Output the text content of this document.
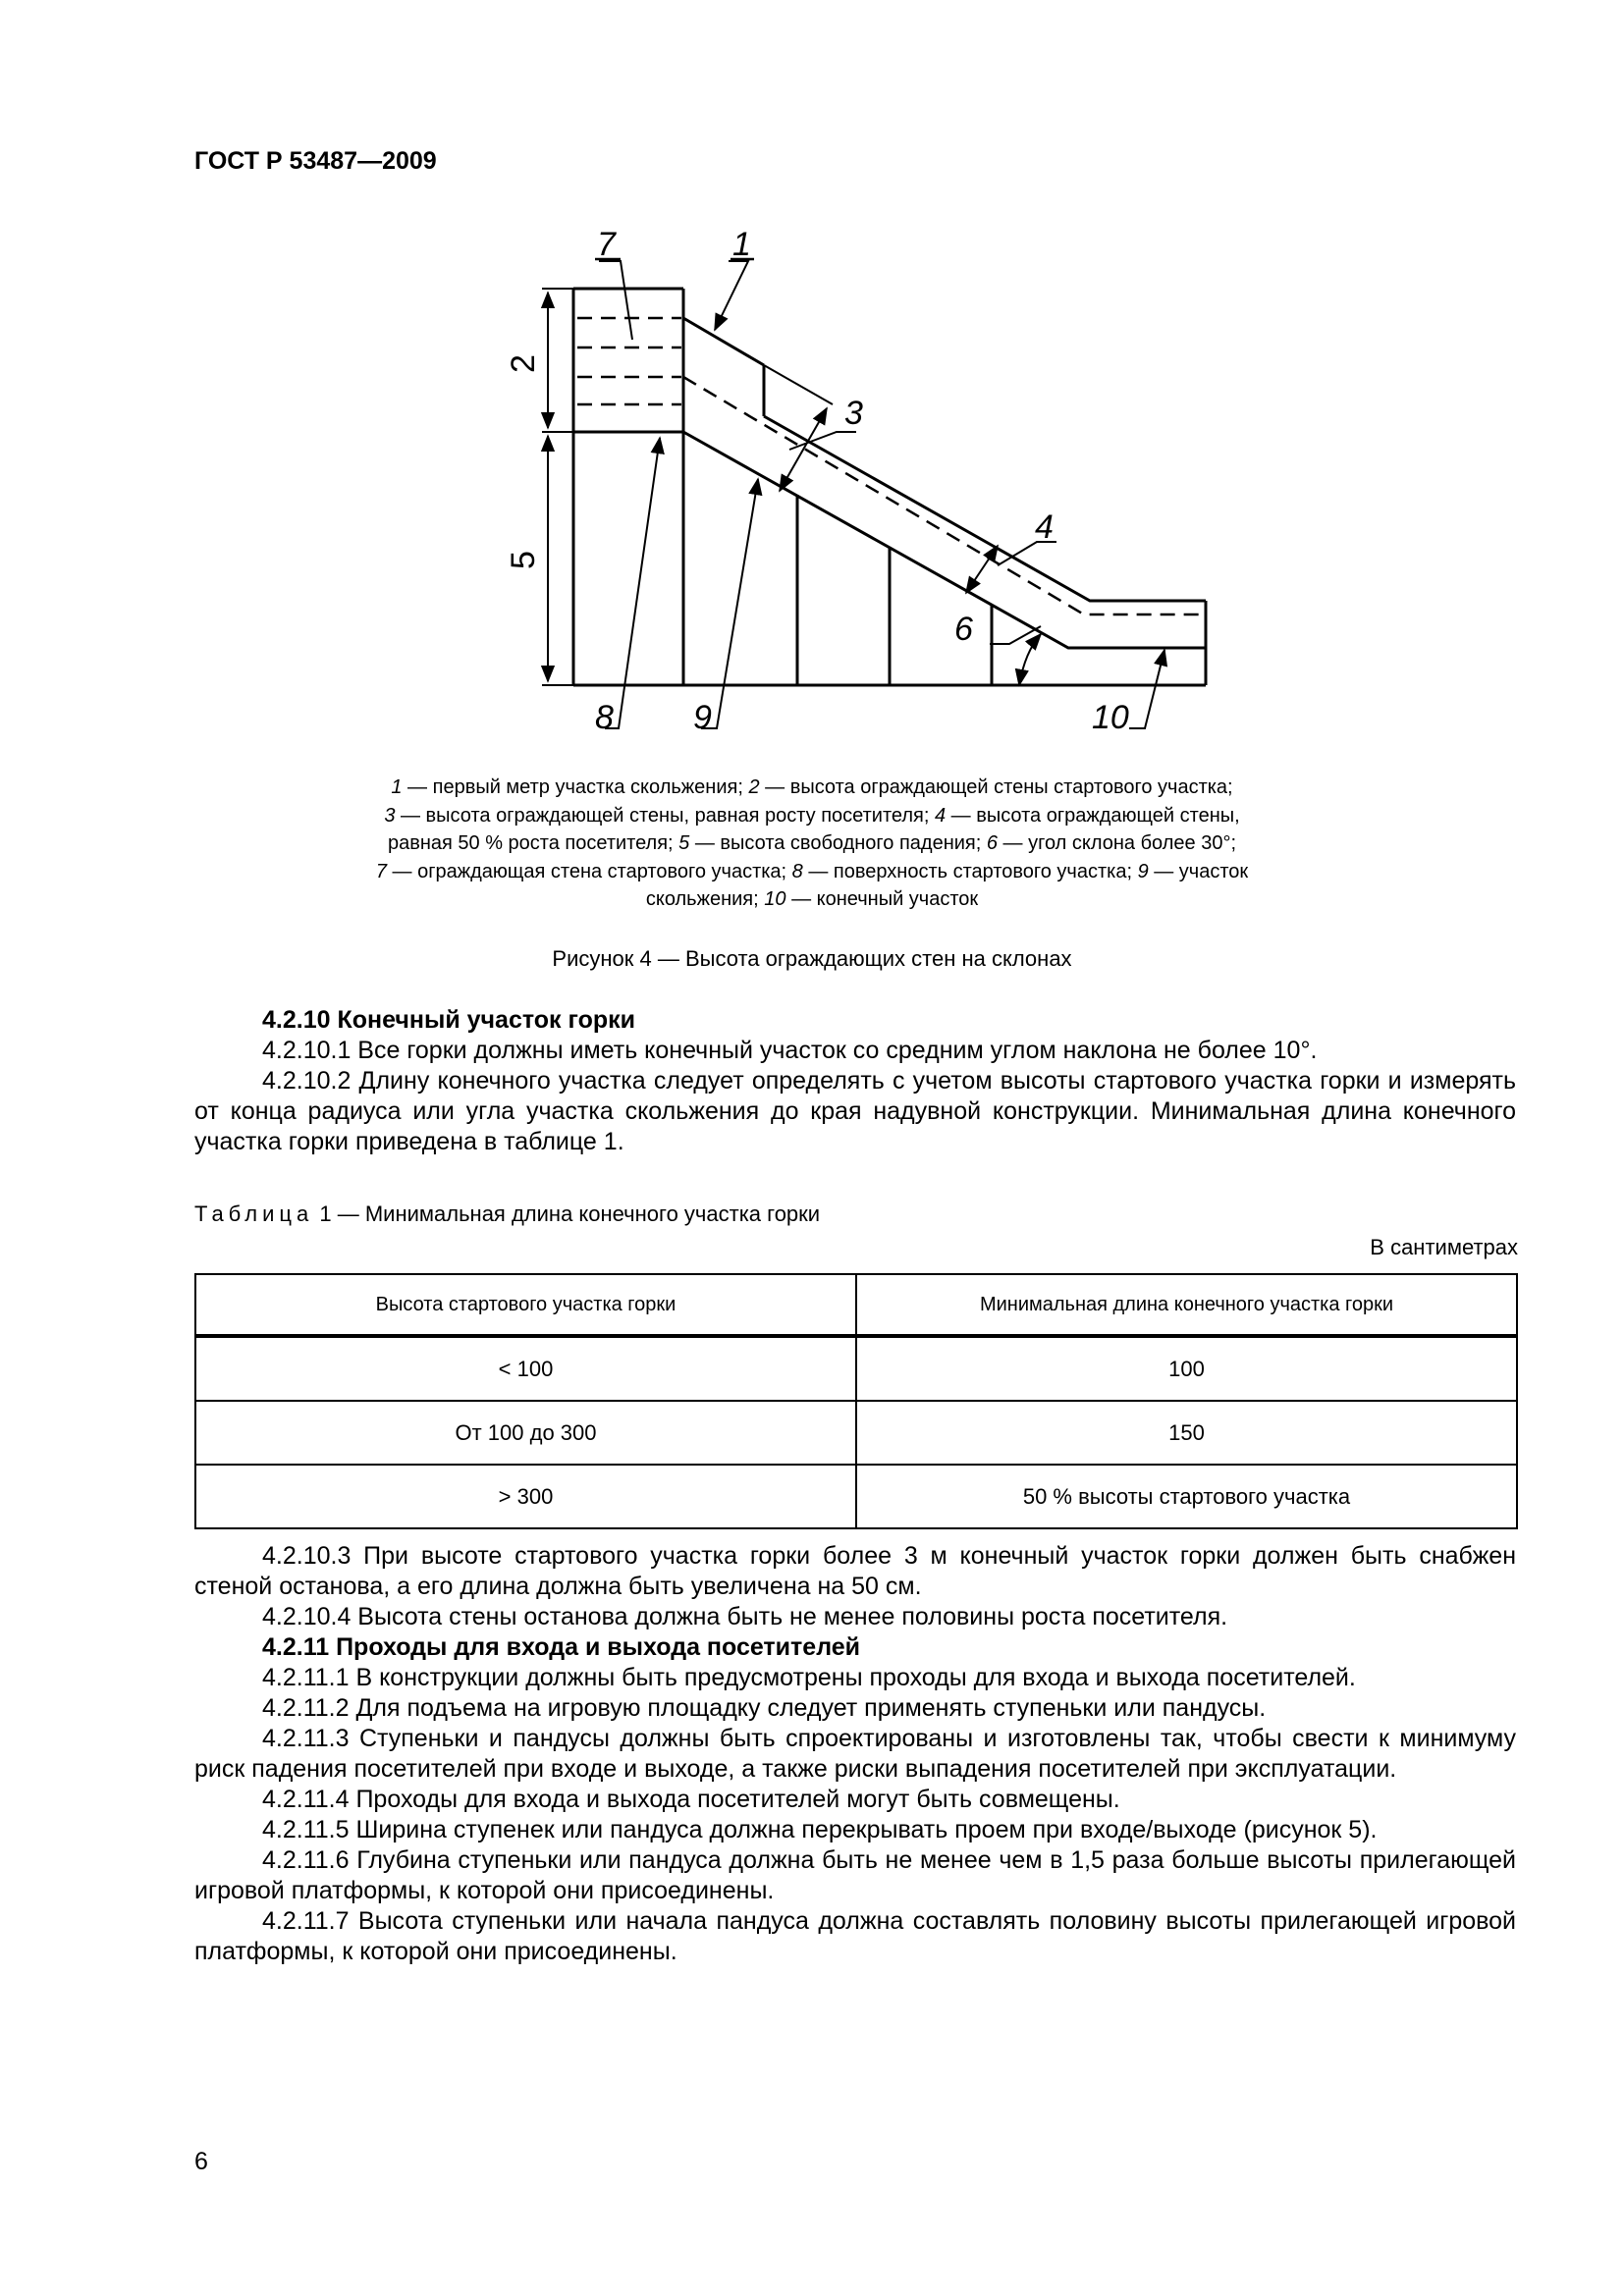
ГОСТ Р 53487—2009
7	1
3
4
6
8 9	10
2
5
1 — первый метр участка скольжения; 2 — высота ограждающей стены стартового участка;
3 — высота ограждающей стены, равная росту посетителя; 4 — высота ограждающей стены,
равная 50 % роста посетителя; 5 — высота свободного падения; 6 — угол склона более 30°;
7 — ограждающая стена стартового участка; 8 — поверхность стартового участка; 9 — участок
скольжения; 10 — конечный участок
Рисунок 4 — Высота ограждающих стен на склонах

4.2.10 Конечный участок горки

4.2.10.1 Все горки должны иметь конечный участок со средним углом наклона не более 10°.

4.2.10.2 Длину конечного участка следует определять с учетом высоты стартового участка горки и измерять от конца радиуса или угла участка скольжения до края надувной конструкции. Минимальная длина конечного участка горки приведена в таблице 1.

Таблица 1 — Минимальная длина конечного участка горки
В сантиметрах
Высота стартового участка горки	Минимальная длина конечного участка горки
< 100	100
От 100 до 300	150
> 300	50 % высоты стартового участка

4.2.10.3 При высоте стартового участка горки более 3 м конечный участок горки должен быть снабжен стеной останова, а его длина должна быть увеличена на 50 см.

4.2.10.4 Высота стены останова должна быть не менее половины роста посетителя.

4.2.11 Проходы для входа и выхода посетителей

4.2.11.1 В конструкции должны быть предусмотрены проходы для входа и выхода посетителей.

4.2.11.2 Для подъема на игровую площадку следует применять ступеньки или пандусы.

4.2.11.3 Ступеньки и пандусы должны быть спроектированы и изготовлены так, чтобы свести к минимуму риск падения посетителей при входе и выходе, а также риски выпадения посетителей при эксплуатации.

4.2.11.4 Проходы для входа и выхода посетителей могут быть совмещены.

4.2.11.5 Ширина ступенек или пандуса должна перекрывать проем при входе/выходе (рисунок 5).

4.2.11.6 Глубина ступеньки или пандуса должна быть не менее чем в 1,5 раза больше высоты прилегающей игровой платформы, к которой они присоединены.

4.2.11.7 Высота ступеньки или начала пандуса должна составлять половину высоты прилегающей игровой платформы, к которой они присоединены.

6
